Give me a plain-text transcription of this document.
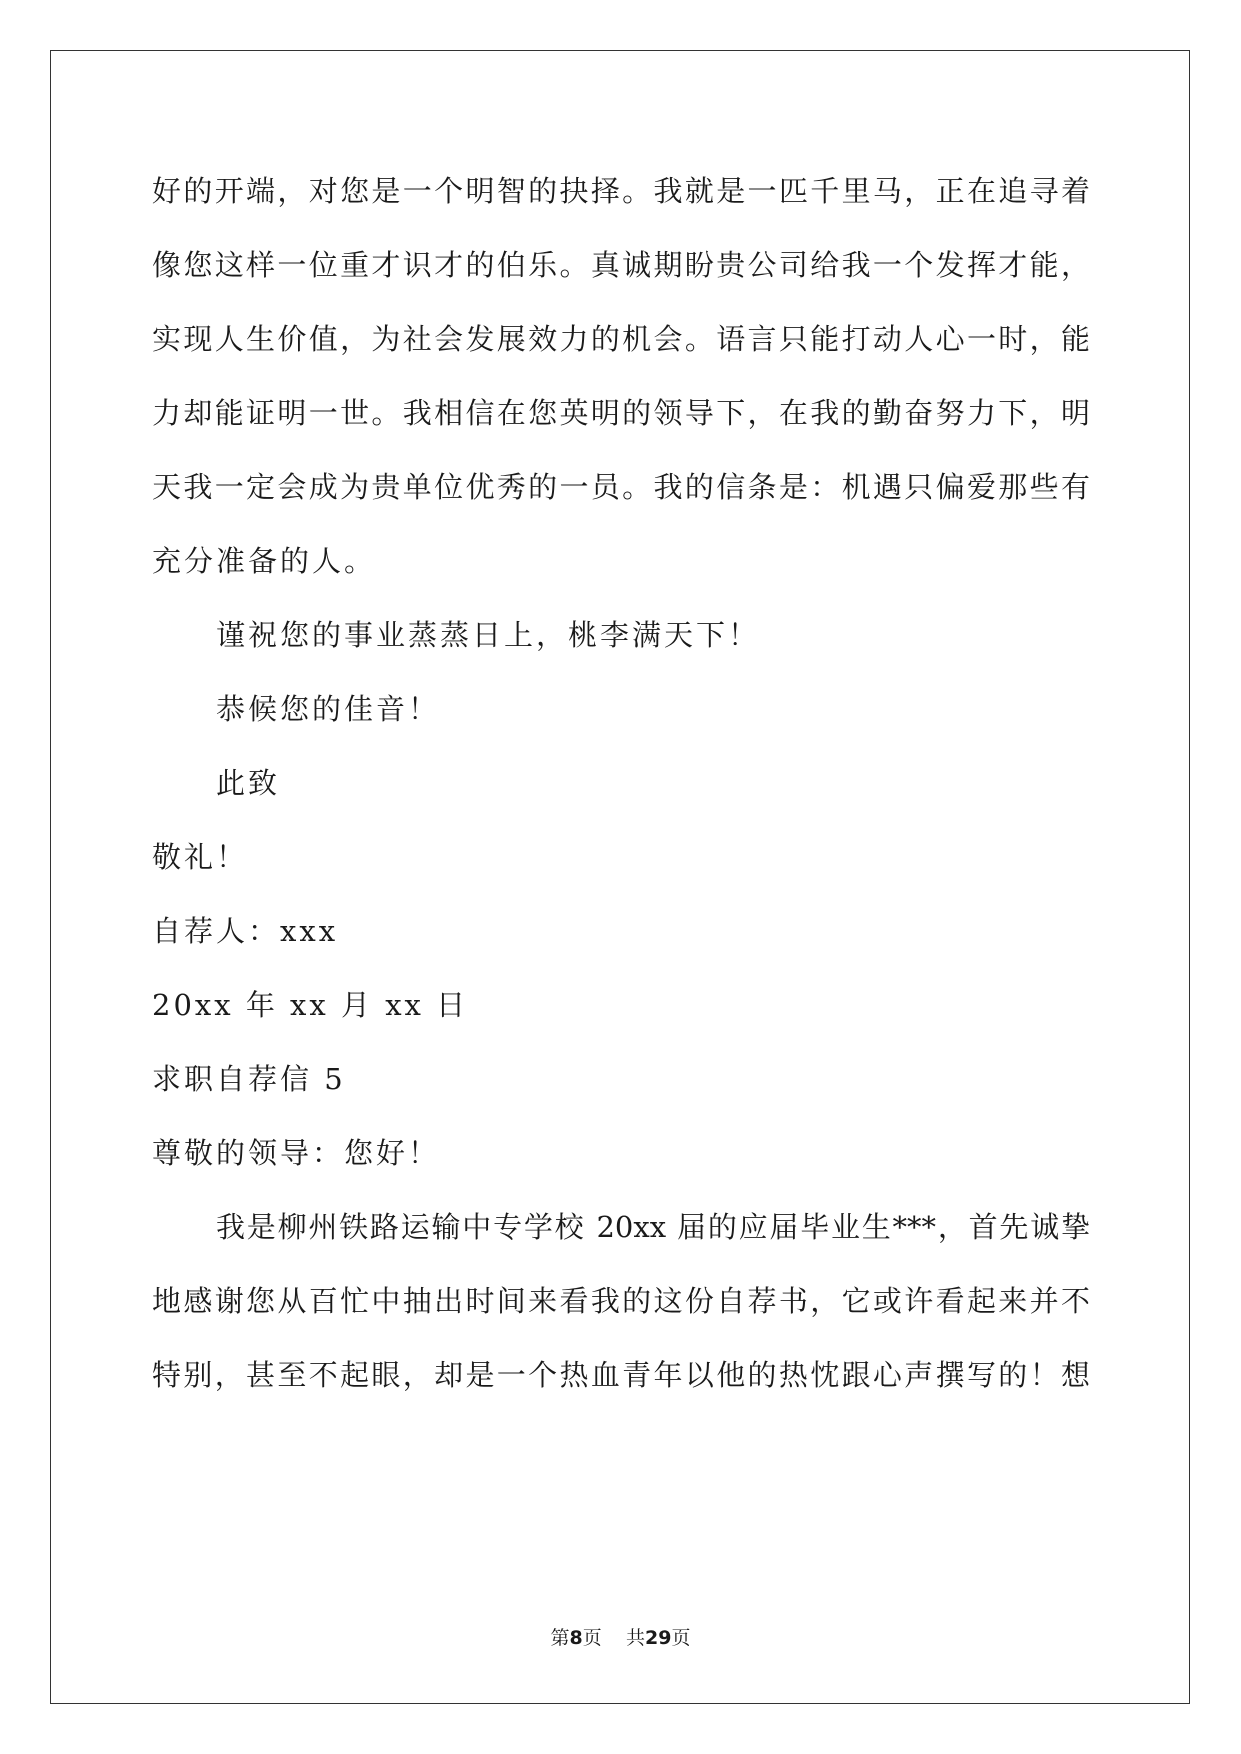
好的开端，对您是一个明智的抉择。我就是一匹千里马，正在追寻着
像您这样一位重才识才的伯乐。真诚期盼贵公司给我一个发挥才能，
实现人生价值，为社会发展效力的机会。语言只能打动人心一时，能
力却能证明一世。我相信在您英明的领导下，在我的勤奋努力下，明
天我一定会成为贵单位优秀的一员。我的信条是：机遇只偏爱那些有
充分准备的人。
谨祝您的事业蒸蒸日上，桃李满天下！
恭候您的佳音！
此致
敬礼！
自荐人：xxx
20xx 年 xx 月 xx 日
求职自荐信 5
尊敬的领导：您好！
我是柳州铁路运输中专学校 20xx 届的应届毕业生***，首先诚挚
地感谢您从百忙中抽出时间来看我的这份自荐书，它或许看起来并不
特别，甚至不起眼，却是一个热血青年以他的热忱跟心声撰写的！想
第8页 共29页
